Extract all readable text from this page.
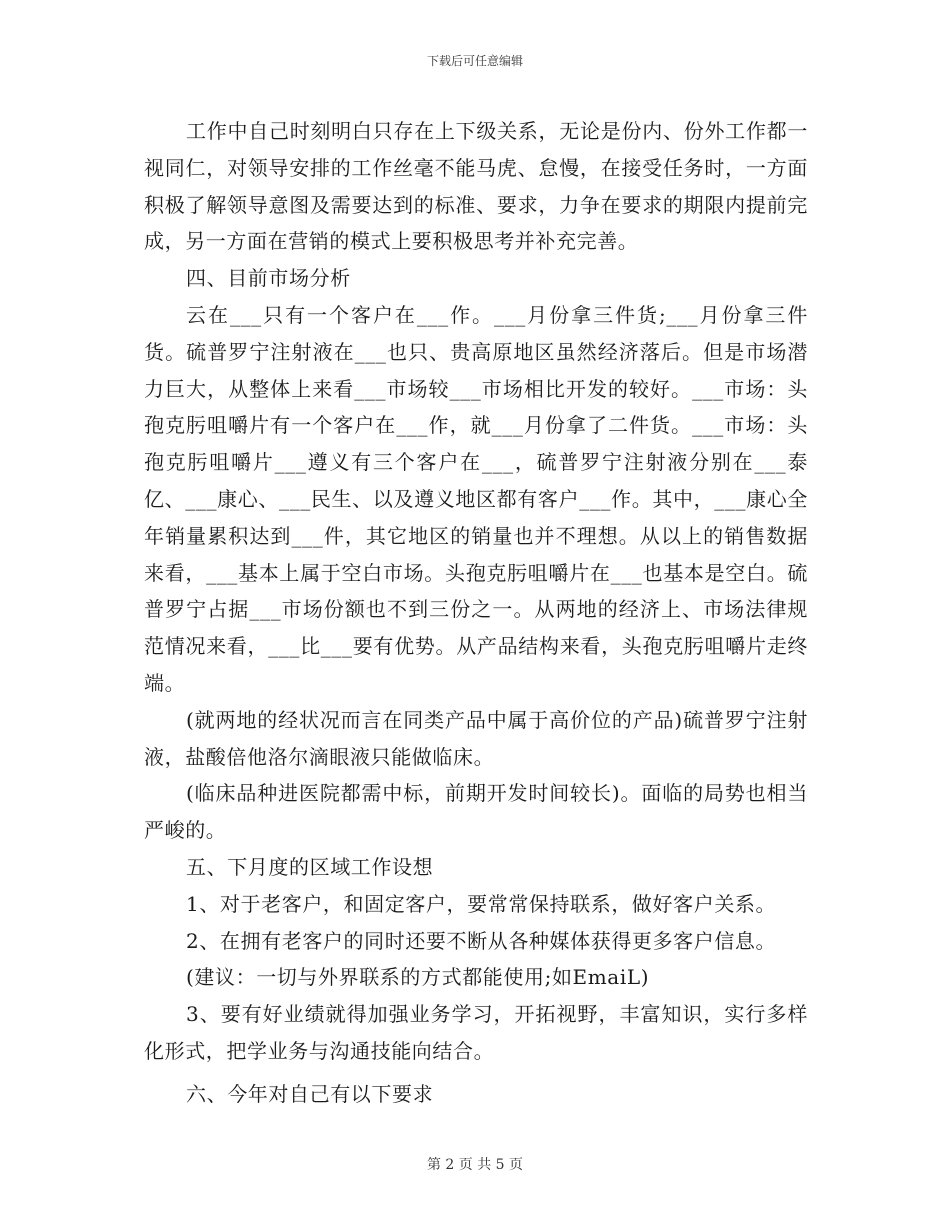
下载后可任意编辑

工作中自己时刻明白只存在上下级关系，无论是份内、份外工作都一视同仁，对领导安排的工作丝毫不能马虎、怠慢，在接受任务时，一方面积极了解领导意图及需要达到的标准、要求，力争在要求的期限内提前完成，另一方面在营销的模式上要积极思考并补充完善。

四、目前市场分析

云在___只有一个客户在___作。___月份拿三件货;___月份拿三件货。硫普罗宁注射液在___也只、贵高原地区虽然经济落后。但是市场潜力巨大，从整体上来看___市场较___市场相比开发的较好。___市场：头孢克肟咀嚼片有一个客户在___作，就___月份拿了二件货。___市场：头孢克肟咀嚼片___遵义有三个客户在___，硫普罗宁注射液分别在___泰亿、___康心、___民生、以及遵义地区都有客户___作。其中，___康心全年销量累积达到___件，其它地区的销量也并不理想。从以上的销售数据来看，___基本上属于空白市场。头孢克肟咀嚼片在___也基本是空白。硫普罗宁占据___市场份额也不到三份之一。从两地的经济上、市场法律规范情况来看，___比___要有优势。从产品结构来看，头孢克肟咀嚼片走终端。

(就两地的经状况而言在同类产品中属于高价位的产品)硫普罗宁注射液，盐酸倍他洛尔滴眼液只能做临床。

(临床品种进医院都需中标，前期开发时间较长)。面临的局势也相当严峻的。

五、下月度的区域工作设想

1、对于老客户，和固定客户，要常常保持联系，做好客户关系。

2、在拥有老客户的同时还要不断从各种媒体获得更多客户信息。

(建议：一切与外界联系的方式都能使用;如EmaiL)

3、要有好业绩就得加强业务学习，开拓视野，丰富知识，实行多样化形式，把学业务与沟通技能向结合。

六、今年对自己有以下要求

第 2 页 共 5 页
